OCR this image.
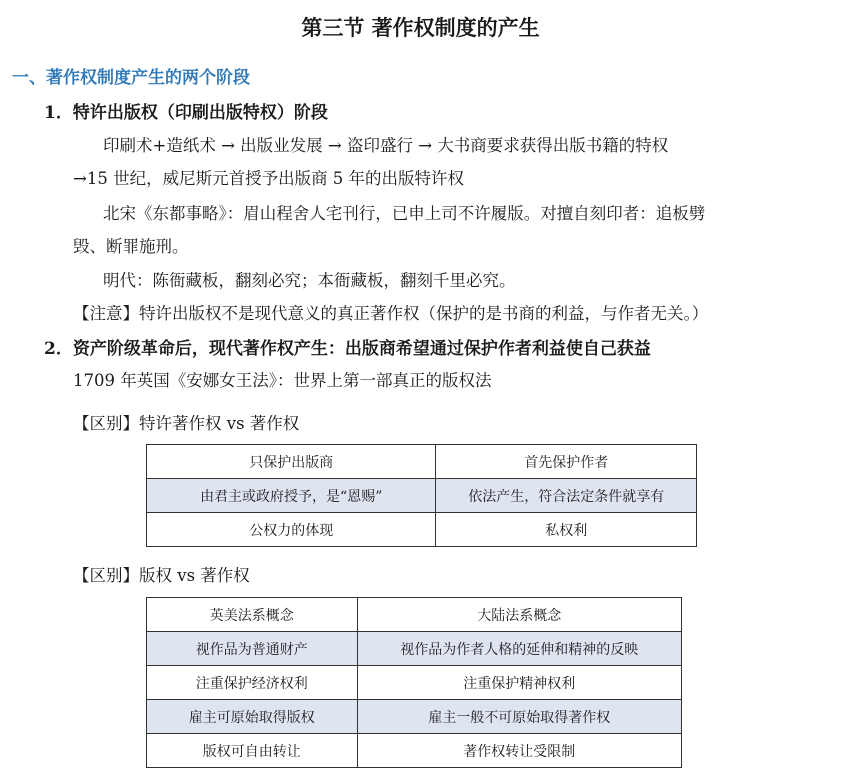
第三节 著作权制度的产生
一、著作权制度产生的两个阶段
1．特许出版权（印刷出版特权）阶段
印刷术+造纸术 → 出版业发展 → 盗印盛行 → 大书商要求获得出版书籍的特权
→15 世纪，威尼斯元首授予出版商 5 年的出版特许权
北宋《东都事略》：眉山程舍人宅刊行，已申上司不许履版。对擅自刻印者：追板劈
毁、断罪施刑。
明代：陈衙藏板，翻刻必究；本衙藏板，翻刻千里必究。
【注意】特许出版权不是现代意义的真正著作权（保护的是书商的利益，与作者无关。）
2．资产阶级革命后，现代著作权产生：出版商希望通过保护作者利益使自己获益
1709 年英国《安娜女王法》：世界上第一部真正的版权法
【区别】特许著作权 vs 著作权
只保护出版商	首先保护作者
由君主或政府授予，是“恩赐”	依法产生，符合法定条件就享有
公权力的体现	私权利
【区别】版权 vs 著作权
英美法系概念	大陆法系概念
视作品为普通财产	视作品为作者人格的延伸和精神的反映
注重保护经济权利	注重保护精神权利
雇主可原始取得版权	雇主一般不可原始取得著作权
版权可自由转让	著作权转让受限制
